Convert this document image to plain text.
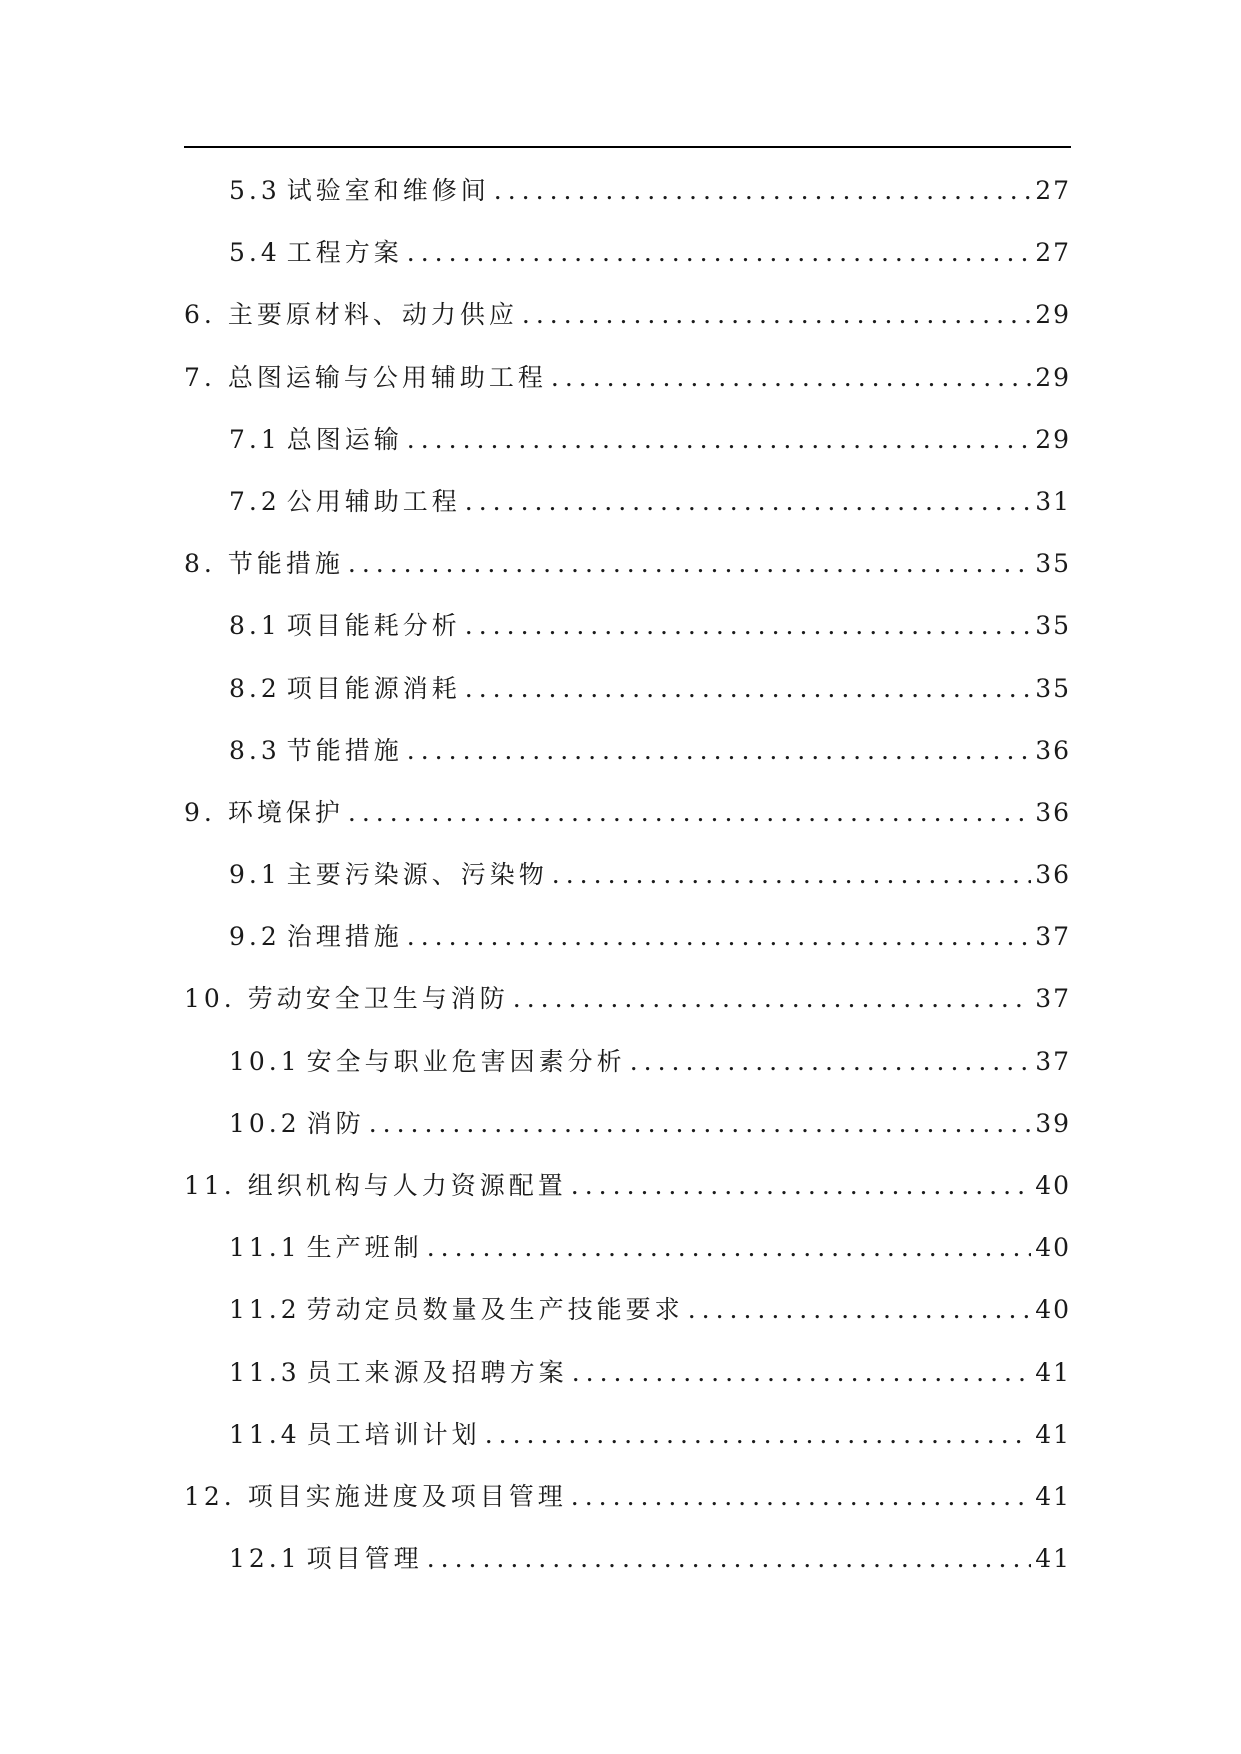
5.3 试验室和维修间 .....	27
5.4 工程方案 .....	27
6. 主要原材料、动力供应 .....	29
7. 总图运输与公用辅助工程 .....	29
7.1 总图运输 .....	29
7.2 公用辅助工程 .....	31
8. 节能措施 .....	35
8.1 项目能耗分析 .....	35
8.2 项目能源消耗 .....	35
8.3 节能措施 .....	36
9. 环境保护 .....	36
9.1 主要污染源、污染物 .....	36
9.2 治理措施 .....	37
10. 劳动安全卫生与消防 .....	37
10.1 安全与职业危害因素分析 .....	37
10.2 消防 .....	39
11. 组织机构与人力资源配置 .....	40
11.1 生产班制 .....	40
11.2 劳动定员数量及生产技能要求 .....	40
11.3 员工来源及招聘方案 .....	41
11.4 员工培训计划 .....	41
12. 项目实施进度及项目管理 .....	41
12.1 项目管理 .....	41
